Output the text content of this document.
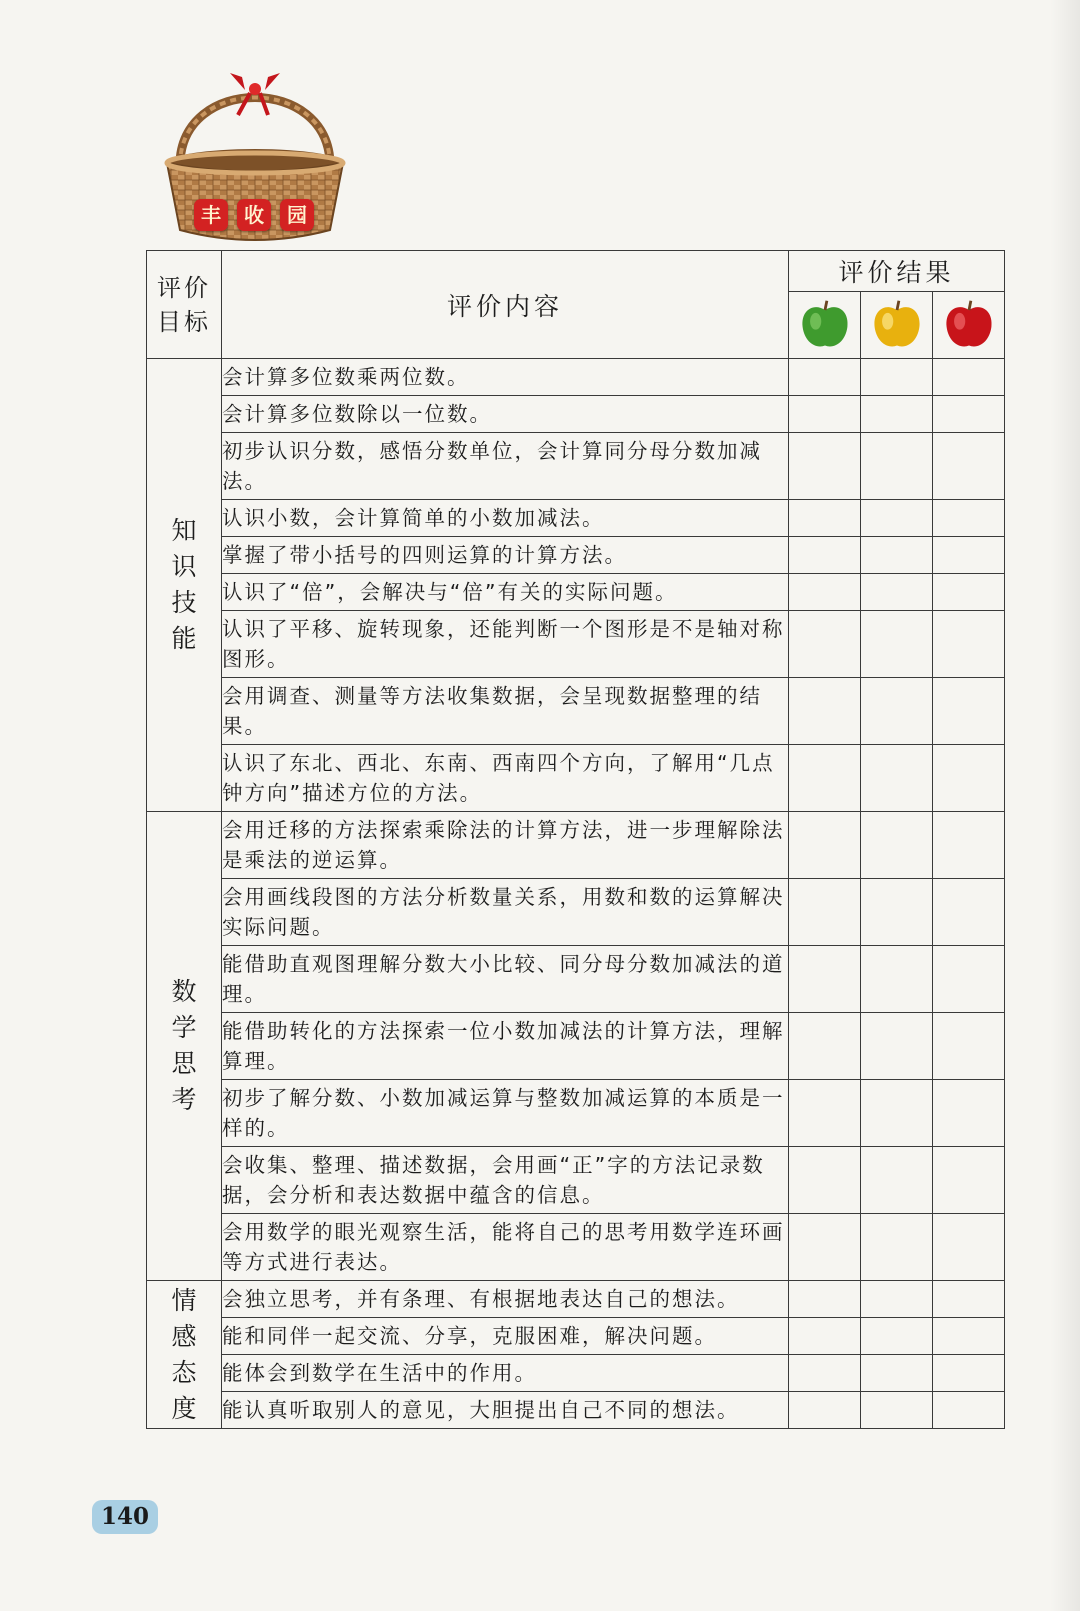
丰	收	园
评价
目标	评价内容	评价结果		

知
识
技
能	会计算多位数乘两位数。			
	会计算多位数除以一位数。			
	初步认识分数，感悟分数单位，会计算同分母分数加减法。			
	认识小数，会计算简单的小数加减法。			
	掌握了带小括号的四则运算的计算方法。			
	认识了“倍”，会解决与“倍”有关的实际问题。			
	认识了平移、旋转现象，还能判断一个图形是不是轴对称图形。			
	会用调查、测量等方法收集数据，会呈现数据整理的结果。			
	认识了东北、西北、东南、西南四个方向，了解用“几点钟方向”描述方位的方法。			

数
学
思
考	会用迁移的方法探索乘除法的计算方法，进一步理解除法是乘法的逆运算。			
	会用画线段图的方法分析数量关系，用数和数的运算解决实际问题。			
	能借助直观图理解分数大小比较、同分母分数加减法的道理。			
	能借助转化的方法探索一位小数加减法的计算方法，理解算理。			
	初步了解分数、小数加减运算与整数加减运算的本质是一样的。			
	会收集、整理、描述数据，会用画“正”字的方法记录数据，会分析和表达数据中蕴含的信息。			
	会用数学的眼光观察生活，能将自己的思考用数学连环画等方式进行表达。			

情
感
态
度	会独立思考，并有条理、有根据地表达自己的想法。			
	能和同伴一起交流、分享，克服困难，解决问题。			
	能体会到数学在生活中的作用。			
	能认真听取别人的意见，大胆提出自己不同的想法。			
140
